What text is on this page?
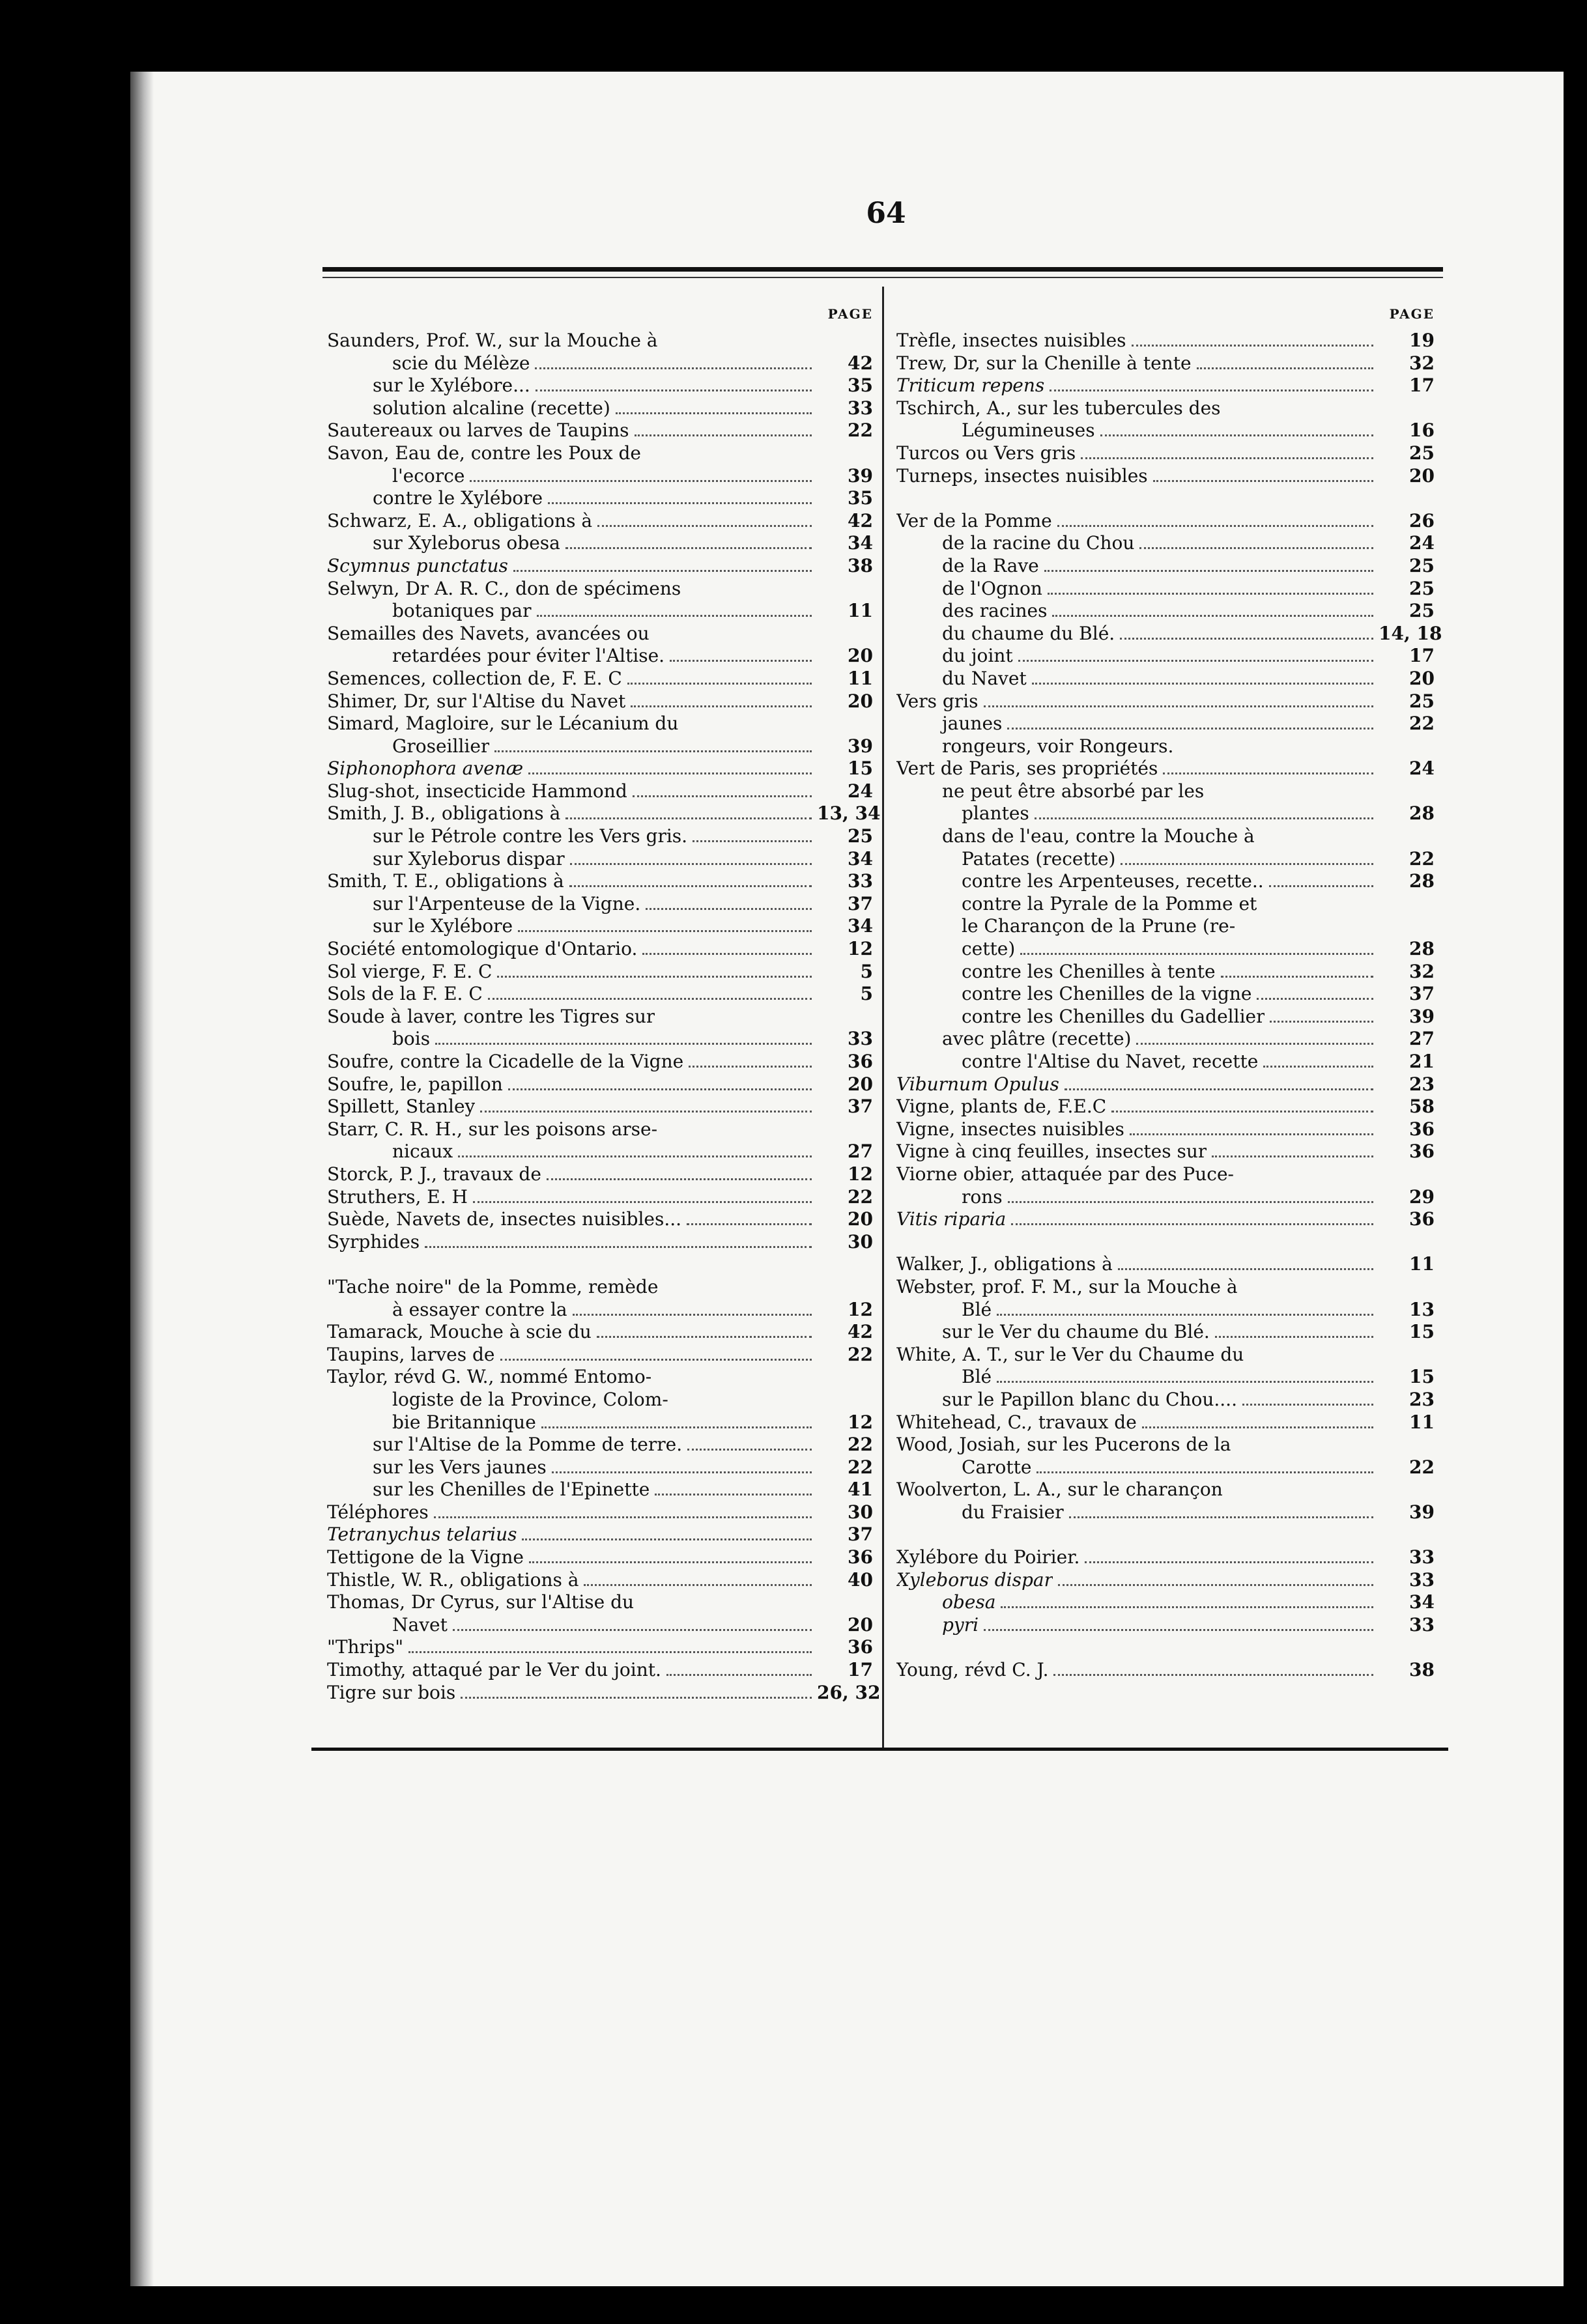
64
PAGE
Saunders, Prof. W., sur la Mouche à
scie du Mélèze	42
sur le Xylébore...	35
solution alcaline (recette)	33
Sautereaux ou larves de Taupins	22
Savon, Eau de, contre les Poux de
l'ecorce	39
contre le Xylébore	35
Schwarz, E. A., obligations à	42
sur Xyleborus obesa	34
Scymnus punctatus	38
Selwyn, Dr A. R. C., don de spécimens
botaniques par	11
Semailles des Navets, avancées ou
retardées pour éviter l'Altise.	20
Semences, collection de, F. E. C	11
Shimer, Dr, sur l'Altise du Navet	20
Simard, Magloire, sur le Lécanium du
Groseillier	39
Siphonophora avenæ	15
Slug-shot, insecticide Hammond	24
Smith, J. B., obligations à	13, 34
sur le Pétrole contre les Vers gris.	25
sur Xyleborus dispar	34
Smith, T. E., obligations à	33
sur l'Arpenteuse de la Vigne.	37
sur le Xylébore	34
Société entomologique d'Ontario.	12
Sol vierge, F. E. C	5
Sols de la F. E. C	5
Soude à laver, contre les Tigres sur
bois	33
Soufre, contre la Cicadelle de la Vigne	36
Soufre, le, papillon	20
Spillett, Stanley	37
Starr, C. R. H., sur les poisons arse-
nicaux	27
Storck, P. J., travaux de	12
Struthers, E. H	22
Suède, Navets de, insectes nuisibles...	20
Syrphides	30
"Tache noire" de la Pomme, remède
à essayer contre la	12
Tamarack, Mouche à scie du	42
Taupins, larves de	22
Taylor, révd G. W., nommé Entomo-
logiste de la Province, Colom-
bie Britannique	12
sur l'Altise de la Pomme de terre.	22
sur les Vers jaunes	22
sur les Chenilles de l'Epinette	41
Téléphores	30
Tetranychus telarius	37
Tettigone de la Vigne	36
Thistle, W. R., obligations à	40
Thomas, Dr Cyrus, sur l'Altise du
Navet	20
"Thrips"	36
Timothy, attaqué par le Ver du joint.	17
Tigre sur bois	26, 32
PAGE
Trèfle, insectes nuisibles	19
Trew, Dr, sur la Chenille à tente	32
Triticum repens	17
Tschirch, A., sur les tubercules des
Légumineuses	16
Turcos ou Vers gris	25
Turneps, insectes nuisibles	20
Ver de la Pomme	26
de la racine du Chou	24
de la Rave	25
de l'Ognon	25
des racines	25
du chaume du Blé.	14, 18
du joint	17
du Navet	20
Vers gris	25
jaunes	22
rongeurs, voir Rongeurs.
Vert de Paris, ses propriétés	24
ne peut être absorbé par les
plantes	28
dans de l'eau, contre la Mouche à
Patates (recette)	22
contre les Arpenteuses, recette..	28
contre la Pyrale de la Pomme et
le Charançon de la Prune (re-
cette)	28
contre les Chenilles à tente	32
contre les Chenilles de la vigne	37
contre les Chenilles du Gadellier	39
avec plâtre (recette)	27
contre l'Altise du Navet, recette	21
Viburnum Opulus	23
Vigne, plants de, F.E.C	58
Vigne, insectes nuisibles	36
Vigne à cinq feuilles, insectes sur	36
Viorne obier, attaquée par des Puce-
rons	29
Vitis riparia	36
Walker, J., obligations à	11
Webster, prof. F. M., sur la Mouche à
Blé	13
sur le Ver du chaume du Blé.	15
White, A. T., sur le Ver du Chaume du
Blé	15
sur le Papillon blanc du Chou....	23
Whitehead, C., travaux de	11
Wood, Josiah, sur les Pucerons de la
Carotte	22
Woolverton, L. A., sur le charançon
du Fraisier	39
Xylébore du Poirier.	33
Xyleborus dispar	33
obesa	34
pyri	33
Young, révd C. J.	38
